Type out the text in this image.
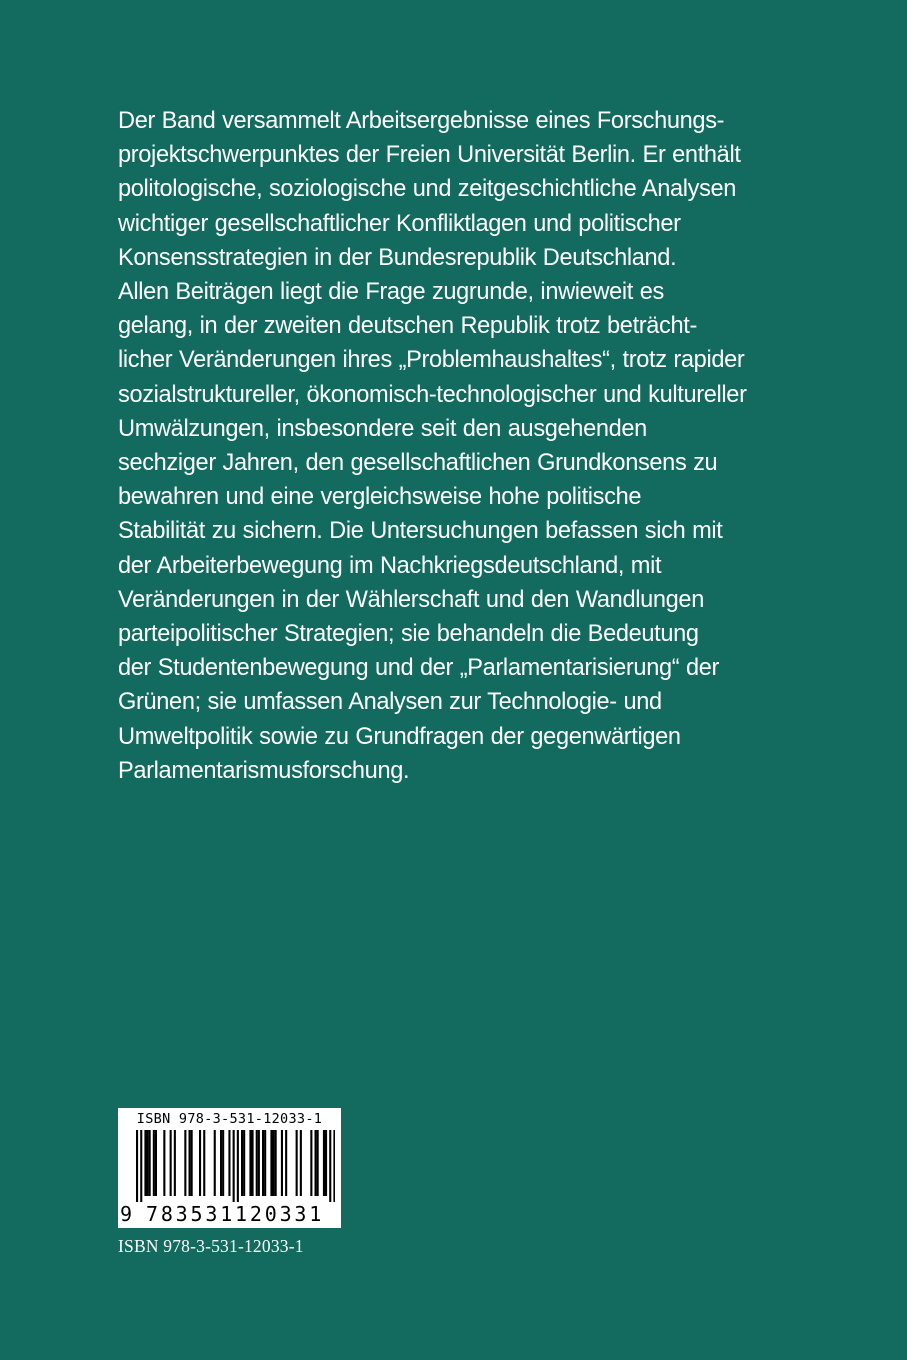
Der Band versammelt Arbeitsergebnisse eines Forschungs-
projektschwerpunktes der Freien Universität Berlin. Er enthält
politologische, soziologische und zeitgeschichtliche Analysen
wichtiger gesellschaftlicher Konfliktlagen und politischer
Konsensstrategien in der Bundesrepublik Deutschland.
Allen Beiträgen liegt die Frage zugrunde, inwieweit es
gelang, in der zweiten deutschen Republik trotz beträcht-
licher Veränderungen ihres „Problemhaushaltes“, trotz rapider
sozialstruktureller, ökonomisch-technologischer und kultureller
Umwälzungen, insbesondere seit den ausgehenden
sechziger Jahren, den gesellschaftlichen Grundkonsens zu
bewahren und eine vergleichsweise hohe politische
Stabilität zu sichern. Die Untersuchungen befassen sich mit
der Arbeiterbewegung im Nachkriegsdeutschland, mit
Veränderungen in der Wählerschaft und den Wandlungen
parteipolitischer Strategien; sie behandeln die Bedeutung
der Studentenbewegung und der „Parlamentarisierung“ der
Grünen; sie umfassen Analysen zur Technologie- und
Umweltpolitik sowie zu Grundfragen der gegenwärtigen
Parlamentarismusforschung.
ISBN 978-3-531-12033-1
9 783531120331
ISBN 978-3-531-12033-1
